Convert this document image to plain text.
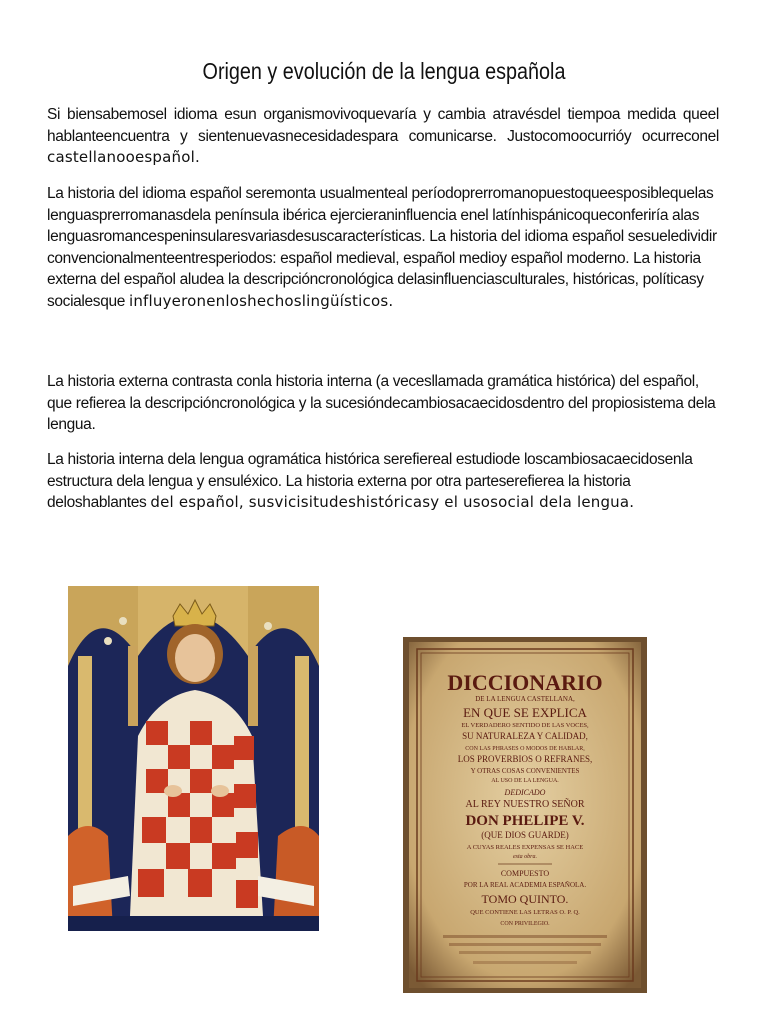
Origen y evolución de la lengua española

Si biensabemosel idioma esun organismovivoquevaría y cambia atravésdel tiempoa medida queel hablanteencuentra y sientenuevasnecesidadespara comunicarse. Justocomoocurrióy ocurreconel castellanooespañol.

La historia del idioma español seremonta usualmenteal períodoprerromanopuestoqueesposiblequelas lenguasprerromanasdela península ibérica ejercieraninfluencia enel latínhispánicoqueconferiría alas lenguasromancespeninsularesvariasdesuscaracterísticas. La historia del idioma español sesueledividir convencionalmenteentresperiodos: español medieval, español medioy español moderno. La historia externa del español aludea la descripcióncronológica delasinfluenciasculturales, históricas, políticasy socialesque influyeronenloshechoslingüísticos.

La historia externa contrasta conla historia interna (a vecesllamada gramática histórica) del español, que refierea la descripcióncronológica y la sucesióndecambiosacaecidosdentro del propiosistema dela lengua.

La historia interna dela lengua ogramática histórica serefiereal estudiode loscambiosacaecidosenla estructura dela lengua y ensuléxico. La historia externa por otra parteserefierea la historia deloshablantes del español, susvicisitudeshistóricasy el usosocial dela lengua.

DICCIONARIO
DE LA LENGUA CASTELLANA,
EN QUE SE EXPLICA
EL VERDADERO SENTIDO DE LAS VOCES,
SU NATURALEZA Y CALIDAD,
CON LAS PHRASES O MODOS DE HABLAR,
LOS PROVERBIOS O REFRANES,
Y OTRAS COSAS CONVENIENTES
AL USO DE LA LENGUA.
DEDICADO
AL REY NUESTRO SEÑOR
DON PHELIPE V.
(QUE DIOS GUARDE)
A CUYAS REALES EXPENSAS SE HACE
esta obra.
COMPUESTO
POR LA REAL ACADEMIA ESPAÑOLA.
TOMO QUINTO.
QUE CONTIENE LAS LETRAS O. P. Q.
CON PRIVILEGIO.
